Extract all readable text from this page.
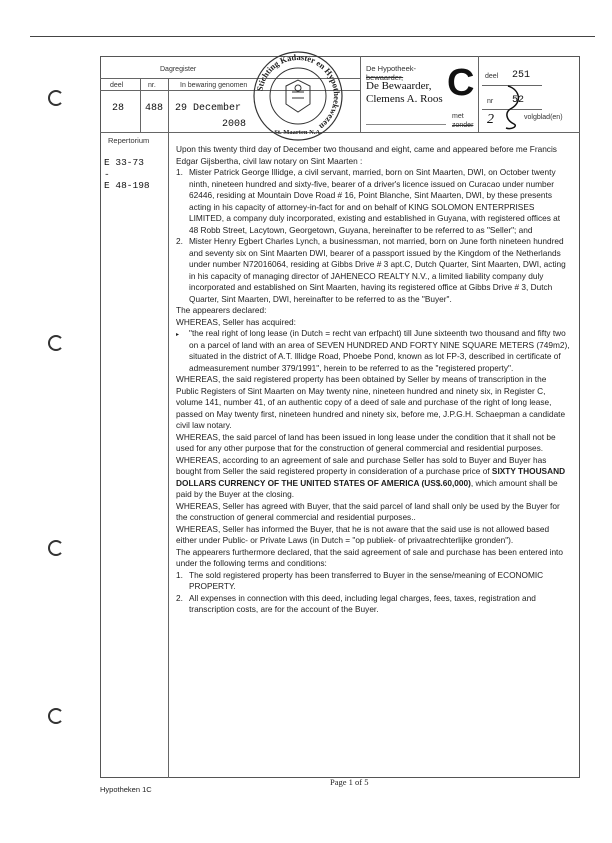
Dagregister
deel	nr.	In bewaring genomen
28 488 29 December
2008
Stichting Kadaster en Hypotheekwezen
St. Maarten N.A.
De Hypotheek-
bewaarder,
De Bewaarder,
Clemens A. Roos C deel 251
nr 52
met
zonder 2	volgblad(en)
Repertorium
E 33-73
-
E 48-198

Upon this twenty third day of December two thousand and eight, came and appeared before me Francis Edgar Gijsbertha, civil law notary on Sint Maarten :

1. Mister Patrick George Illidge, a civil servant, married, born on Sint Maarten, DWI, on October twenty ninth, nineteen hundred and sixty-five, bearer of a driver's licence issued on Curacao under number 62446, residing at Mountain Dove Road # 16, Point Blanche, Sint Maarten, DWI, by these presents acting in his capacity of attorney-in-fact for and on behalf of KING SOLOMON ENTERPRISES LIMITED, a company duly incorporated, existing and established in Guyana, with registered offices at 48 Robb Street, Lacytown, Georgetown, Guyana, hereinafter to be referred to as "Seller"; and
2. Mister Henry Egbert Charles Lynch, a businessman, not married, born on June forth nineteen hundred and seventy six on Sint Maarten DWI, bearer of a passport issued by the Kingdom of the Netherlands under number N72016064, residing at Gibbs Drive # 3 apt.C, Dutch Quarter, Sint Maarten, DWI, acting in his capacity of managing director of JAHENECO REALTY N.V., a limited liability company duly incorporated and established on Sint Maarten, having its registered office at Gibbs Drive # 3, Dutch Quarter, Sint Maarten, DWI, hereinafter to be referred to as the "Buyer".

The appearers declared:

WHEREAS, Seller has acquired:

▸ "the real right of long lease (in Dutch = recht van erfpacht) till June sixteenth two thousand and fifty two on a parcel of land with an area of SEVEN HUNDRED AND FORTY NINE SQUARE METERS (749m2), situated in the district of A.T. Illidge Road, Phoebe Pond, known as lot FP-3, described in certificate of admeasurement number 379/1991", herein to be referred to as the "registered property".

WHEREAS, the said registered property has been obtained by Seller by means of transcription in the Public Registers of Sint Maarten on May twenty nine, nineteen hundred and ninety six, in Register C, volume 141, number 41, of an authentic copy of a deed of sale and purchase of the right of long lease, passed on May twenty first, nineteen hundred and ninety six, before me, J.P.G.H. Schaepman a candidate civil law notary.

WHEREAS, the said parcel of land has been issued in long lease under the condition that it shall not be used for any other purpose that for the construction of general commercial and residential purposes.

WHEREAS, according to an agreement of sale and purchase Seller has sold to Buyer and Buyer has bought from Seller the said registered property in consideration of a purchase price of SIXTY THOUSAND DOLLARS CURRENCY OF THE UNITED STATES OF AMERICA (US$.60,000), which amount shall be paid by the Buyer at the closing.

WHEREAS, Seller has agreed with Buyer, that the said parcel of land shall only be used by the Buyer for the construction of general commercial and residential purposes..

WHEREAS, Seller has informed the Buyer, that he is not aware that the said use is not allowed based either under Public- or Private Laws (in Dutch = "op publiek- of privaatrechterlijke gronden").

The appearers furthermore declared, that the said agreement of sale and purchase has been entered into under the following terms and conditions:

1. The sold registered property has been transferred to Buyer in the sense/meaning of ECONOMIC PROPERTY.
2. All expenses in connection with this deed, including legal charges, fees, taxes, registration and transcription costs, are for the account of the Buyer.
Page 1 of 5
Hypotheken 1C
